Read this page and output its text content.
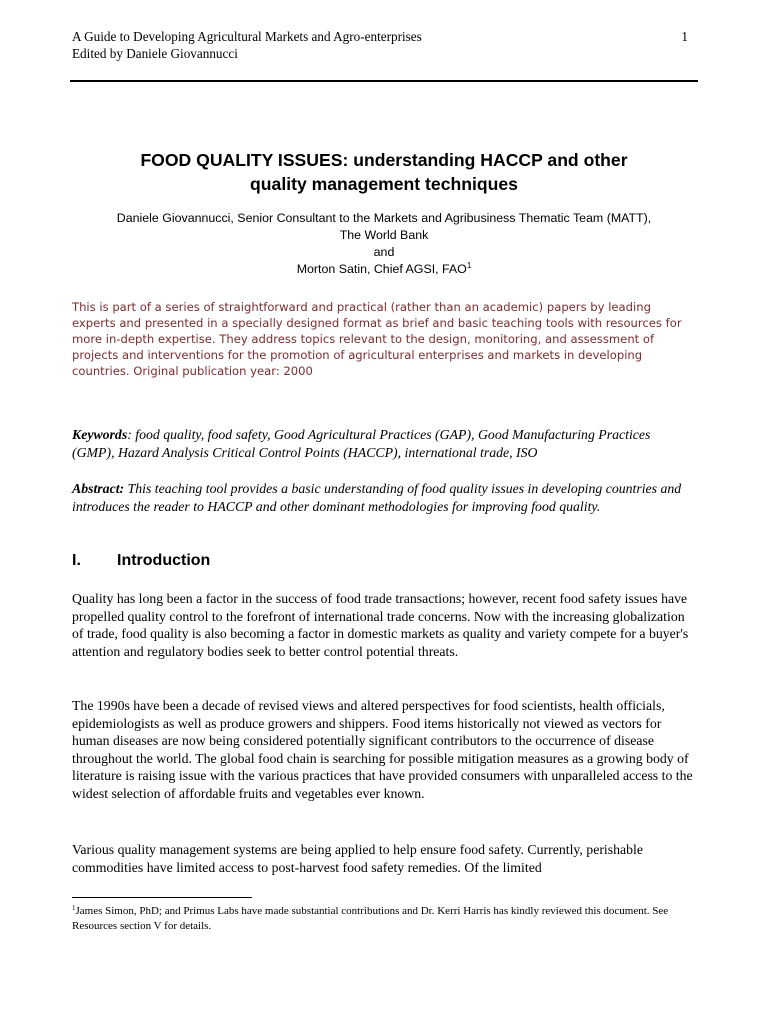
A Guide to Developing Agricultural Markets and Agro-enterprises
Edited by Daniele Giovannucci
1
FOOD QUALITY ISSUES: understanding HACCP and other
quality management techniques
Daniele Giovannucci, Senior Consultant to the Markets and Agribusiness Thematic Team (MATT),
The World Bank
and
Morton Satin, Chief AGSI, FAO$^1$
This is part of a series of straightforward and practical (rather than an academic) papers by leading experts and presented in a specially designed format as brief and basic teaching tools with resources for more in-depth expertise. They address topics relevant to the design, monitoring, and assessment of projects and interventions for the promotion of agricultural enterprises and markets in developing countries. Original publication year: 2000
Keywords: food quality, food safety, Good Agricultural Practices (GAP), Good Manufacturing Practices (GMP), Hazard Analysis Critical Control Points (HACCP), international trade, ISO
Abstract: This teaching tool provides a basic understanding of food quality issues in developing countries and introduces the reader to HACCP and other dominant methodologies for improving food quality.
I. Introduction

Quality has long been a factor in the success of food trade transactions; however, recent food safety issues have propelled quality control to the forefront of international trade concerns. Now with the increasing globalization of trade, food quality is also becoming a factor in domestic markets as quality and variety compete for a buyer's attention and regulatory bodies seek to better control potential threats.

The 1990s have been a decade of revised views and altered perspectives for food scientists, health officials, epidemiologists as well as produce growers and shippers. Food items historically not viewed as vectors for human diseases are now being considered potentially significant contributors to the occurrence of disease throughout the world. The global food chain is searching for possible mitigation measures as a growing body of literature is raising issue with the various practices that have provided consumers with unparalleled access to the widest selection of affordable fruits and vegetables ever known.

Various quality management systems are being applied to help ensure food safety. Currently, perishable commodities have limited access to post-harvest food safety remedies. Of the limited

$^1$James Simon, PhD; and Primus Labs have made substantial contributions and Dr. Kerri Harris has kindly reviewed this document. See Resources section V for details.
